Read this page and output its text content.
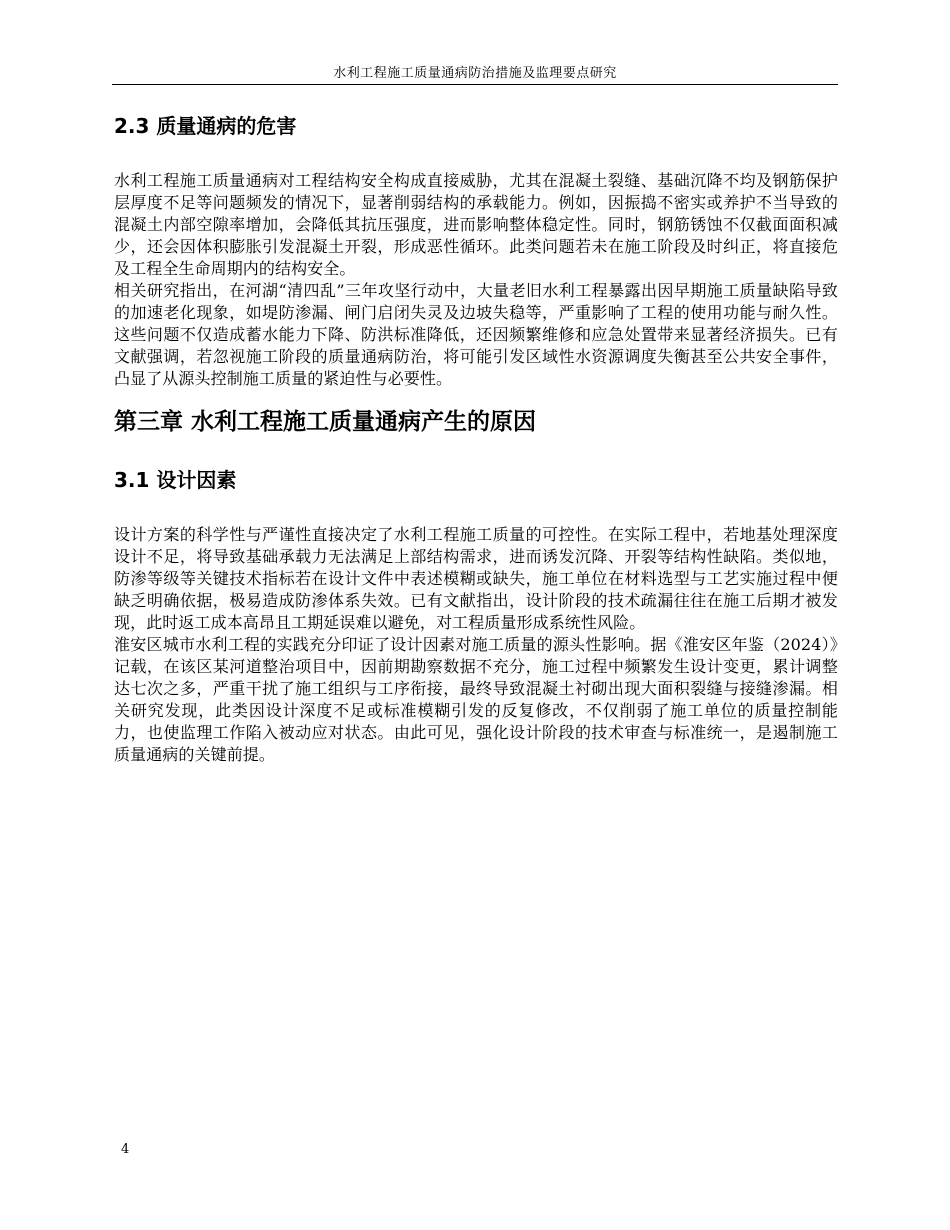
水利工程施工质量通病防治措施及监理要点研究
2.3 质量通病的危害

水利工程施工质量通病对工程结构安全构成直接威胁，尤其在混凝土裂缝、基础沉降不均及钢筋保护层厚度不足等问题频发的情况下，显著削弱结构的承载能力。例如，因振捣不密实或养护不当导致的混凝土内部空隙率增加，会降低其抗压强度，进而影响整体稳定性。同时，钢筋锈蚀不仅截面面积减少，还会因体积膨胀引发混凝土开裂，形成恶性循环。此类问题若未在施工阶段及时纠正，将直接危及工程全生命周期内的结构安全。

相关研究指出，在河湖“清四乱”三年攻坚行动中，大量老旧水利工程暴露出因早期施工质量缺陷导致的加速老化现象，如堤防渗漏、闸门启闭失灵及边坡失稳等，严重影响了工程的使用功能与耐久性。这些问题不仅造成蓄水能力下降、防洪标准降低，还因频繁维修和应急处置带来显著经济损失。已有文献强调，若忽视施工阶段的质量通病防治，将可能引发区域性水资源调度失衡甚至公共安全事件，凸显了从源头控制施工质量的紧迫性与必要性。

第三章 水利工程施工质量通病产生的原因
3.1 设计因素

设计方案的科学性与严谨性直接决定了水利工程施工质量的可控性。在实际工程中，若地基处理深度设计不足，将导致基础承载力无法满足上部结构需求，进而诱发沉降、开裂等结构性缺陷。类似地，防渗等级等关键技术指标若在设计文件中表述模糊或缺失，施工单位在材料选型与工艺实施过程中便缺乏明确依据，极易造成防渗体系失效。已有文献指出，设计阶段的技术疏漏往往在施工后期才被发现，此时返工成本高昂且工期延误难以避免，对工程质量形成系统性风险。

淮安区城市水利工程的实践充分印证了设计因素对施工质量的源头性影响。据《淮安区年鉴（2024）》记载，在该区某河道整治项目中，因前期勘察数据不充分，施工过程中频繁发生设计变更，累计调整达七次之多，严重干扰了施工组织与工序衔接，最终导致混凝土衬砌出现大面积裂缝与接缝渗漏。相关研究发现，此类因设计深度不足或标准模糊引发的反复修改，不仅削弱了施工单位的质量控制能力，也使监理工作陷入被动应对状态。由此可见，强化设计阶段的技术审查与标准统一，是遏制施工质量通病的关键前提。

4
